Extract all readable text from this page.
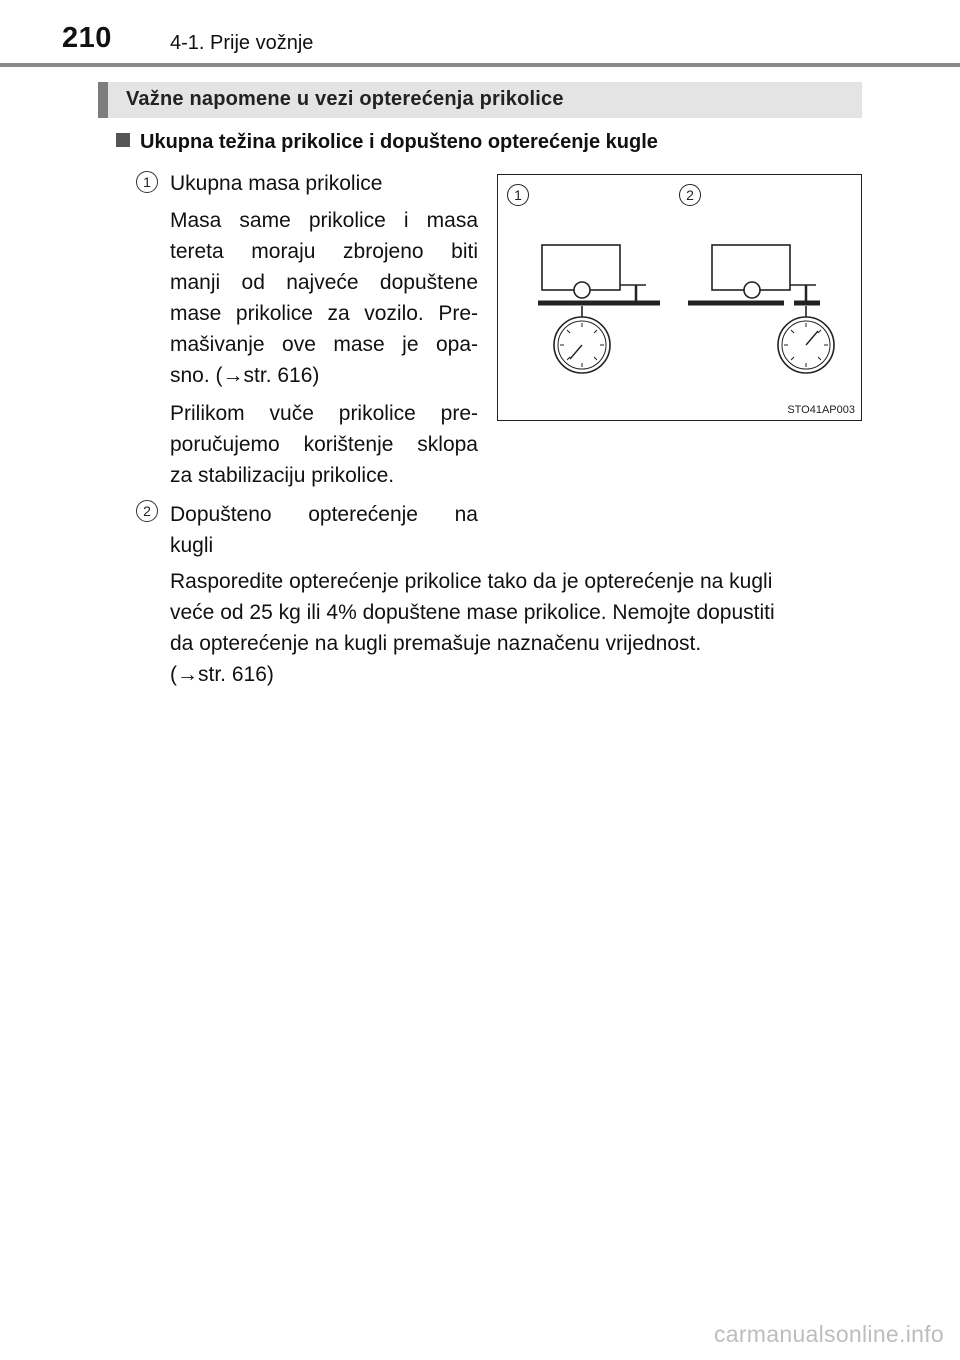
210	4-1. Prije vožnje
Važne napomene u vezi opterećenja prikolice
Ukupna težina prikolice i dopušteno opterećenje kugle
1 Ukupna masa prikolice
Masa same prikolice i masa
tereta moraju zbrojeno biti
manji od najveće dopuštene
mase prikolice za vozilo. Pre-
mašivanje ove mase je opa-
sno. (→str. 616)
Prilikom vuče prikolice pre-
poručujemo korištenje sklopa
za stabilizaciju prikolice.
2 Dopušteno opterećenje na
kugli
Rasporedite opterećenje prikolice tako da je opterećenje na kugli
veće od 25 kg ili 4% dopuštene mase prikolice. Nemojte dopustiti
da opterećenje na kugli premašuje naznačenu vrijednost.
(→str. 616)
1	2
STO41AP003
carmanualsonline.info
